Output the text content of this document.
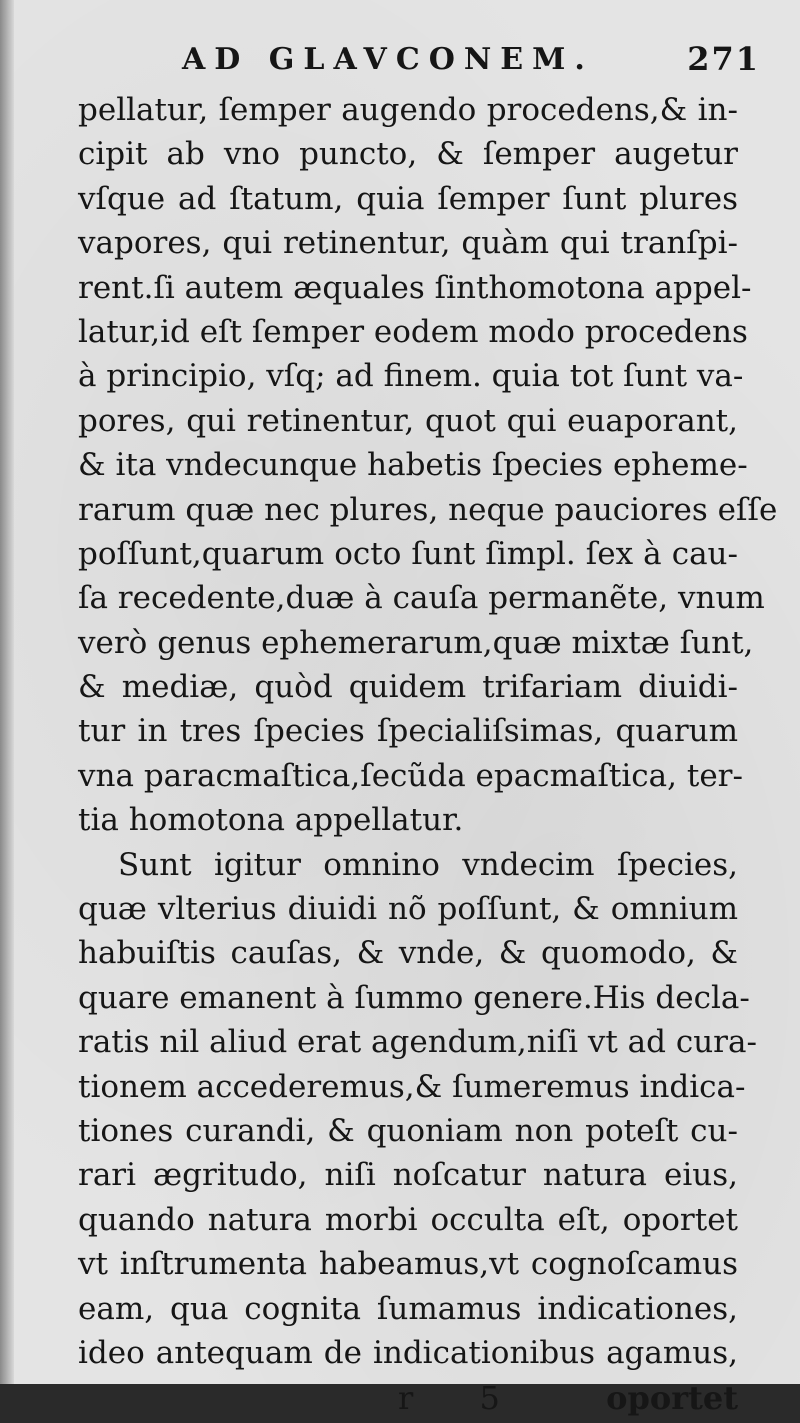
AD GLAVCONEM.	271
pellatur, ſemper augendo procedens,& in-
cipit ab vno puncto, & ſemper augetur
vſque ad ſtatum, quia ſemper ſunt plures
vapores, qui retinentur, quàm qui tranſpi-
rent.ſi autem æquales ſinthomotona appel-
latur,id eſt ſemper eodem modo procedens
à principio, vſq; ad finem. quia tot ſunt va-
pores, qui retinentur, quot qui euaporant,
& ita vndecunque habetis ſpecies epheme-
rarum quæ nec plures, neque pauciores eſſe
poſſunt,quarum octo ſunt ſimpl. ſex à cau-
ſa recedente,duæ à cauſa permanẽte, vnum
verò genus ephemerarum,quæ mixtæ ſunt,
& mediæ, quòd quidem trifariam diuidi-
tur in tres ſpecies ſpecialiſsimas, quarum
vna paracmaſtica,ſecũda epacmaſtica, ter-
tia homotona appellatur.
Sunt igitur omnino vndecim ſpecies,
quæ vlterius diuidi nõ poſſunt, & omnium
habuiſtis cauſas, & vnde, & quomodo, &
quare emanent à ſummo genere.His decla-
ratis nil aliud erat agendum,niſi vt ad cura-
tionem accederemus,& ſumeremus indica-
tiones curandi, & quoniam non poteſt cu-
rari ægritudo, niſi noſcatur natura eius,
quando natura morbi occulta eſt, oportet
vt inſtrumenta habeamus,vt cognoſcamus
eam, qua cognita ſumamus indicationes,
ideo antequam de indicationibus agamus,
r 5 oportet
